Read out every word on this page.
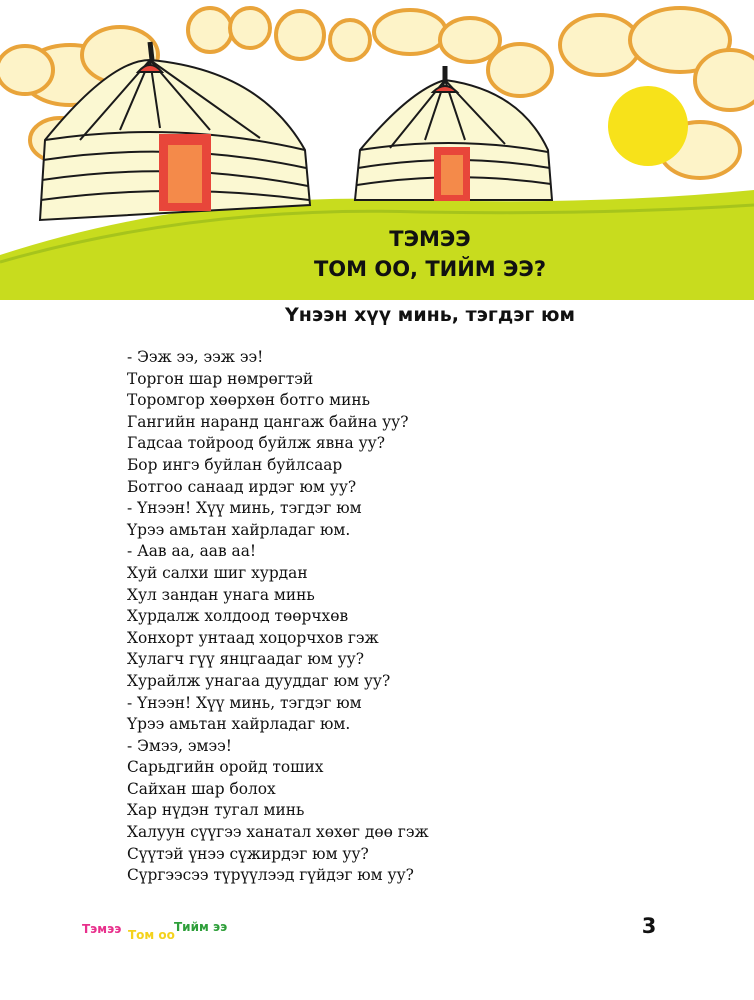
ТЭМЭЭ
ТОМ ОО, ТИЙМ ЭЭ?
Үнээн хүү минь, тэгдэг юм
- Ээж ээ, ээж ээ!
Торгон шар нөмрөгтэй
Торомгор хөөрхөн ботго минь
Гангийн наранд цангаж байна уу?
Гадсаа тойроод буйлж явна уу?
Бор ингэ буйлан буйлсаар
Ботгоо санаад ирдэг юм уу?
- Үнээн! Хүү минь, тэгдэг юм
Үрээ амьтан хайрладаг юм.
- Аав аа, аав аа!
Хуй салхи шиг хурдан
Хул зандан унага минь
Хурдалж холдоод төөрчхөв
Хонхорт унтаад хоцорчхов гэж
Хулагч гүү янцгаадаг юм уу?
Хурайлж унагаа дууддаг юм уу?
- Үнээн! Хүү минь, тэгдэг юм
Үрээ амьтан хайрладаг юм.
- Эмээ, эмээ!
Сарьдгийн оройд тоших
Сайхан шар болох
Хар нүдэн тугал минь
Халуун сүүгээ ханатал хөхөг дөө гэж
Сүүтэй үнээ сүжирдэг юм уу?
Сүргээсээ түрүүлээд гүйдэг юм уу?
Тэмээ Том оо
Тийм ээ	3
